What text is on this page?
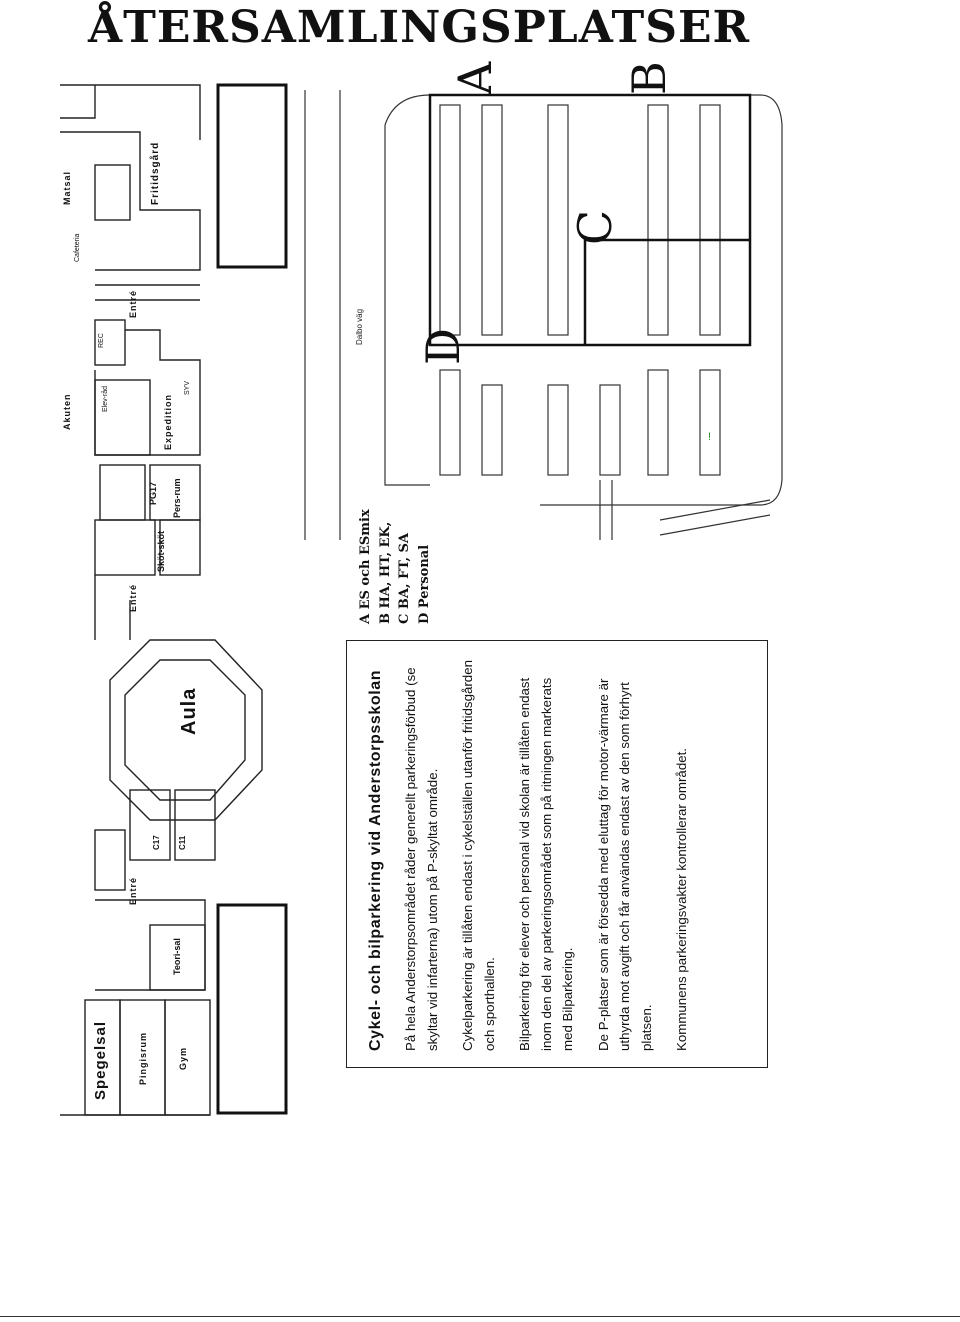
ÅTERSAMLINGSPLATSER
Dalbo väg
!
Cafeteria
Matsal	Fritidsgård
Entré
REC
Akuten	Elev-råd	Expedition
SYV
PG17 Pers-rum
Sköt-sköt
Entré
Aula
C17 C11
Entré
Teori-sal
Spegelsal	Pingisrum	Gym
A	B
C
D
A ES och ESmix B HA, HT, EK, C BA, FT, SA D Personal
Cykel- och bilparkering vid Anderstorpsskolan På hela Anderstorpsområdet råder generellt parkeringsförbud (se skyltar vid infarterna) utom på P-skyltat område. Cykelparkering är tillåten endast i cykelställen utanför fritidsgården och sporthallen. Bilparkering för elever och personal vid skolan är tillåten endast inom den del av parkeringsområdet som på ritningen markerats med Bilparkering. De P-platser som är försedda med eluttag för motor-värmare är uthyrda mot avgift och får användas endast av den som förhyrt platsen. Kommunens parkeringsvakter kontrollerar området.
